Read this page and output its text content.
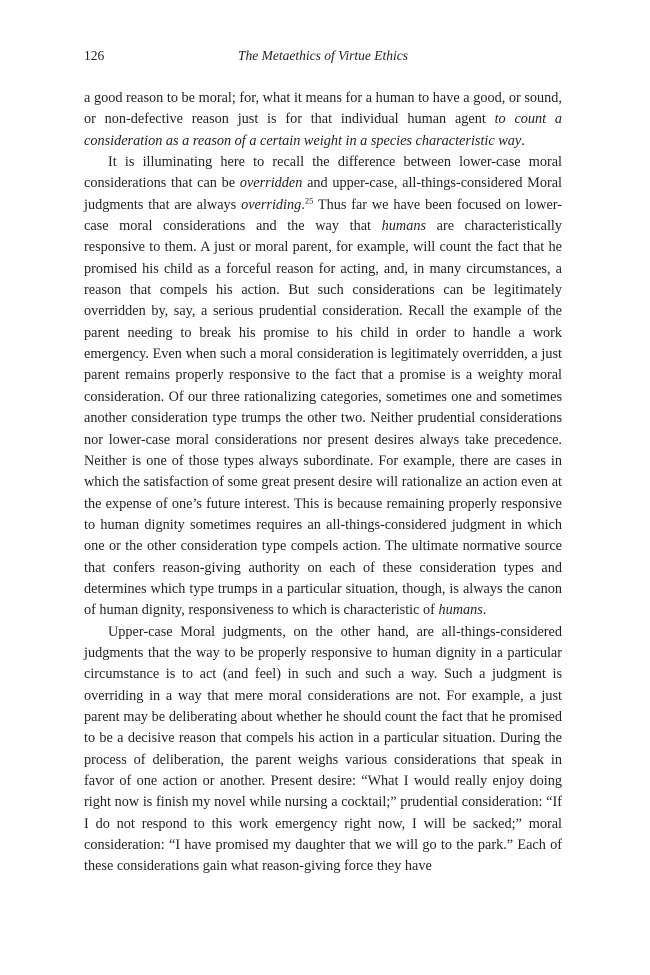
126	The Metaethics of Virtue Ethics

a good reason to be moral; for, what it means for a human to have a good, or sound, or non-defective reason just is for that individual human agent to count a consideration as a reason of a certain weight in a species characteristic way.

It is illuminating here to recall the difference between lower-case moral considerations that can be overridden and upper-case, all-things-considered Moral judgments that are always overriding.$^{25}$ Thus far we have been focused on lower-case moral considerations and the way that humans are characteristically responsive to them. A just or moral parent, for example, will count the fact that he promised his child as a forceful reason for acting, and, in many circumstances, a reason that compels his action. But such considerations can be legitimately overridden by, say, a serious prudential consideration. Recall the example of the parent needing to break his promise to his child in order to handle a work emergency. Even when such a moral consideration is legitimately overridden, a just parent remains properly responsive to the fact that a promise is a weighty moral consideration. Of our three rationalizing categories, sometimes one and sometimes another consideration type trumps the other two. Neither prudential considerations nor lower-case moral considerations nor present desires always take precedence. Neither is one of those types always subordinate. For example, there are cases in which the satisfaction of some great present desire will rationalize an action even at the expense of one’s future interest. This is because remaining properly responsive to human dignity sometimes requires an all-things-considered judgment in which one or the other consideration type compels action. The ultimate normative source that confers reason-giving authority on each of these consideration types and determines which type trumps in a particular situation, though, is always the canon of human dignity, responsiveness to which is characteristic of humans.

Upper-case Moral judgments, on the other hand, are all-things-considered judgments that the way to be properly responsive to human dignity in a particular circumstance is to act (and feel) in such and such a way. Such a judgment is overriding in a way that mere moral considerations are not. For example, a just parent may be deliberating about whether he should count the fact that he promised to be a decisive reason that compels his action in a particular situation. During the process of deliberation, the parent weighs various considerations that speak in favor of one action or another. Present desire: “What I would really enjoy doing right now is finish my novel while nursing a cocktail;” prudential consideration: “If I do not respond to this work emergency right now, I will be sacked;” moral consideration: “I have promised my daughter that we will go to the park.” Each of these considerations gain what reason-giving force they have
